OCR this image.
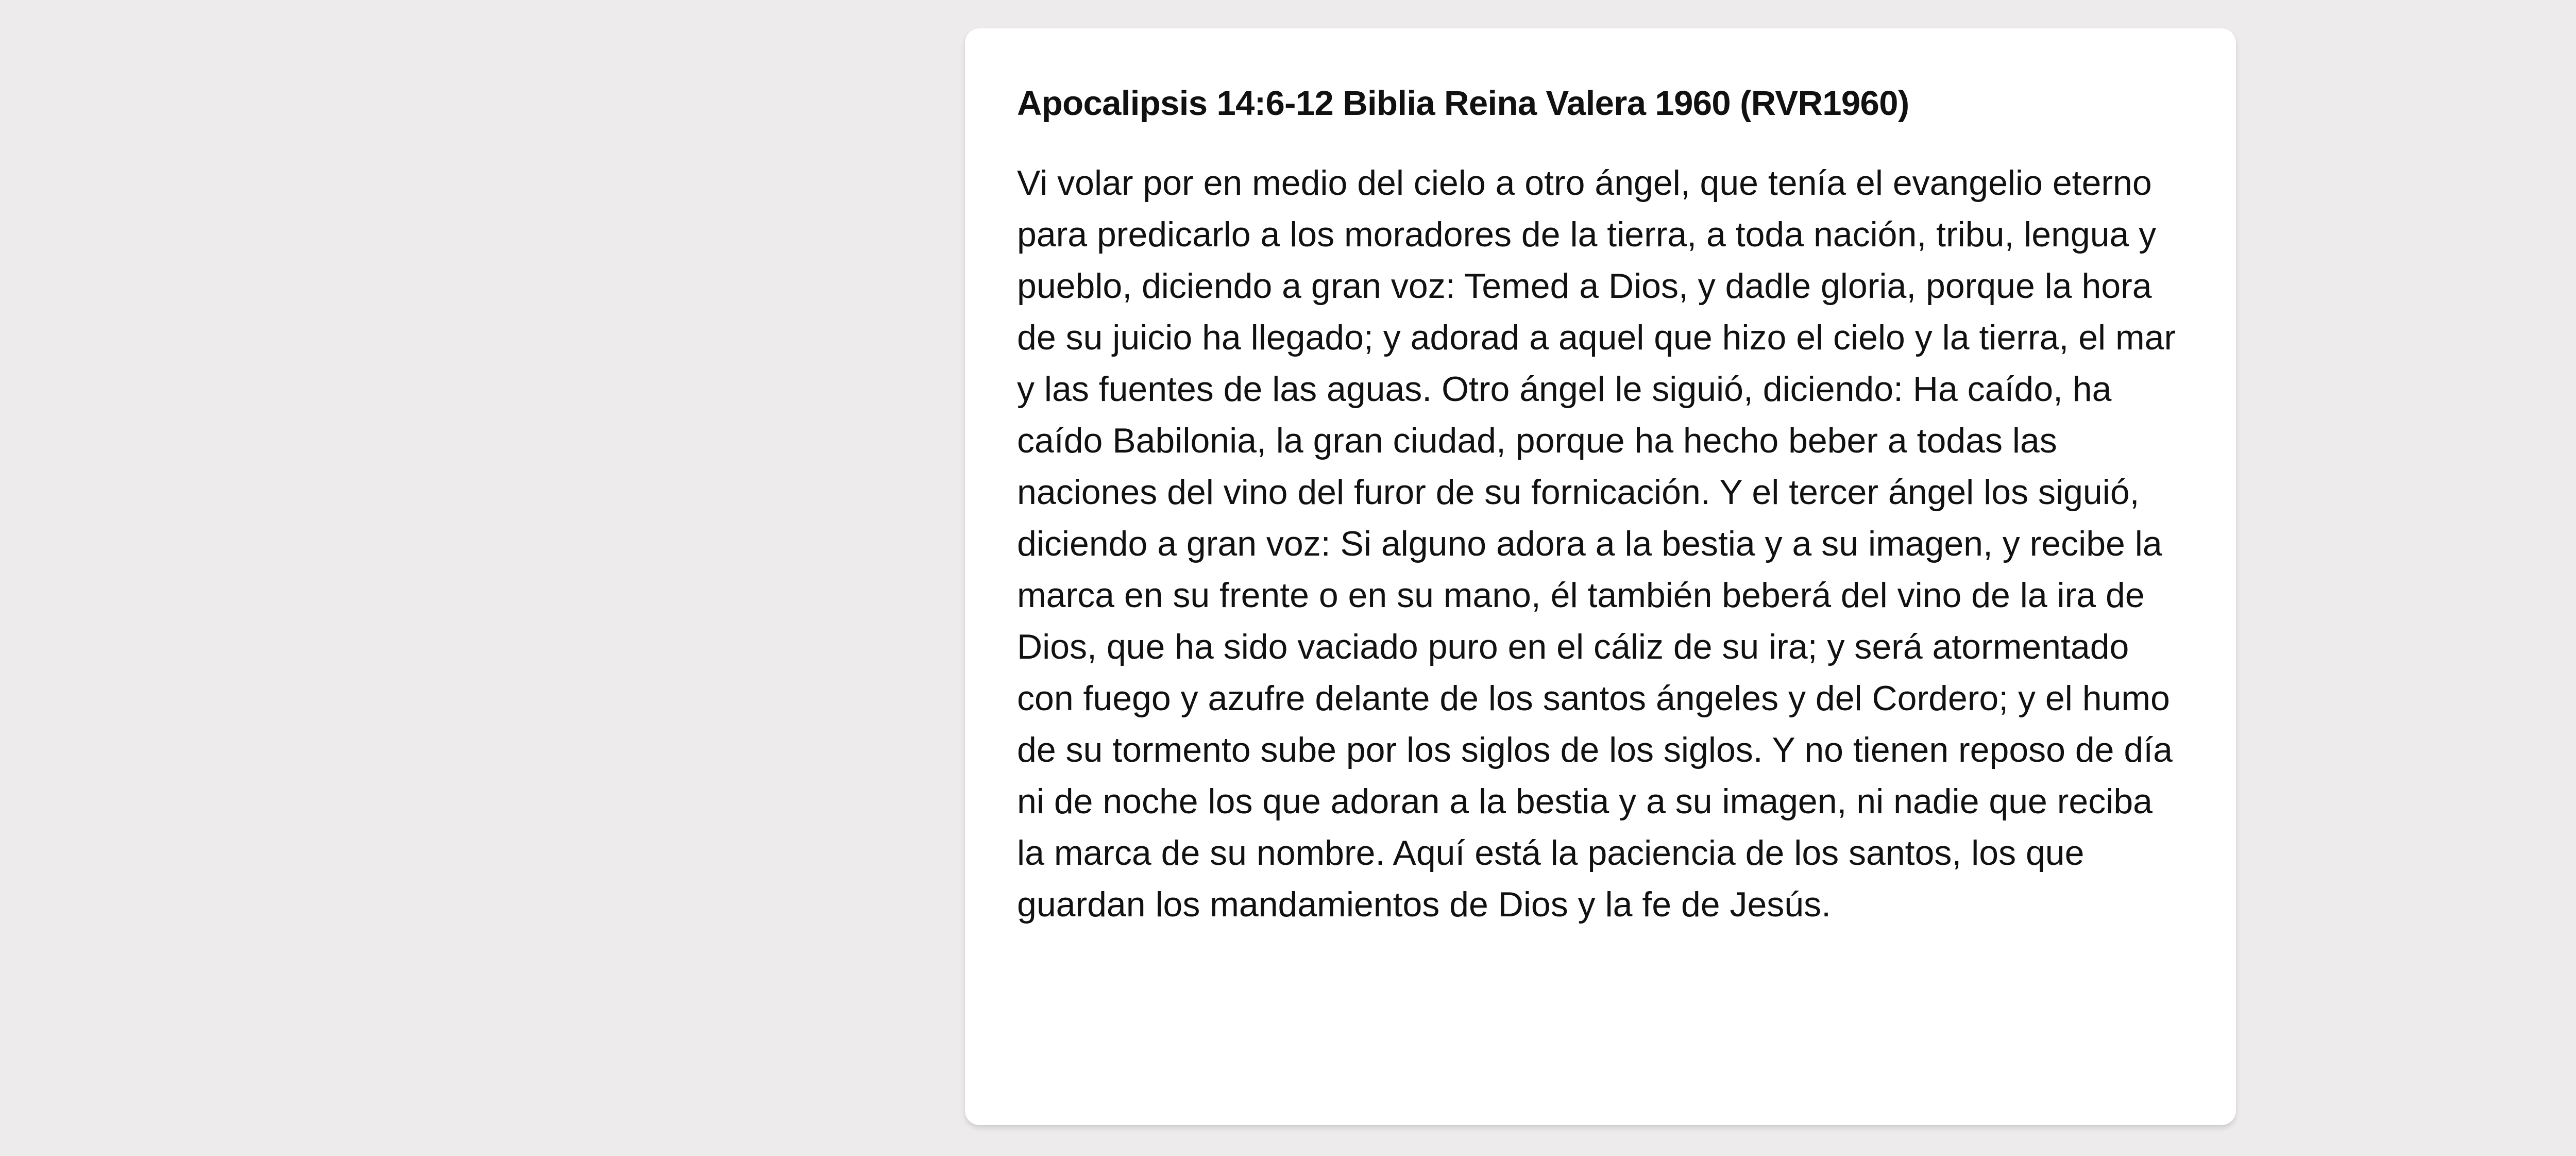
Apocalipsis 14:6-12 Biblia Reina Valera 1960 (RVR1960)

Vi volar por en medio del cielo a otro ángel, que tenía el evangelio eterno para predicarlo a los moradores de la tierra, a toda nación, tribu, lengua y pueblo, diciendo a gran voz: Temed a Dios, y dadle gloria, porque la hora de su juicio ha llegado; y adorad a aquel que hizo el cielo y la tierra, el mar y las fuentes de las aguas. Otro ángel le siguió, diciendo: Ha caído, ha caído Babilonia, la gran ciudad, porque ha hecho beber a todas las naciones del vino del furor de su fornicación. Y el tercer ángel los siguió, diciendo a gran voz: Si alguno adora a la bestia y a su imagen, y recibe la marca en su frente o en su mano, él también beberá del vino de la ira de Dios, que ha sido vaciado puro en el cáliz de su ira; y será atormentado con fuego y azufre delante de los santos ángeles y del Cordero; y el humo de su tormento sube por los siglos de los siglos. Y no tienen reposo de día ni de noche los que adoran a la bestia y a su imagen, ni nadie que reciba la marca de su nombre. Aquí está la paciencia de los santos, los que guardan los mandamientos de Dios y la fe de Jesús.
